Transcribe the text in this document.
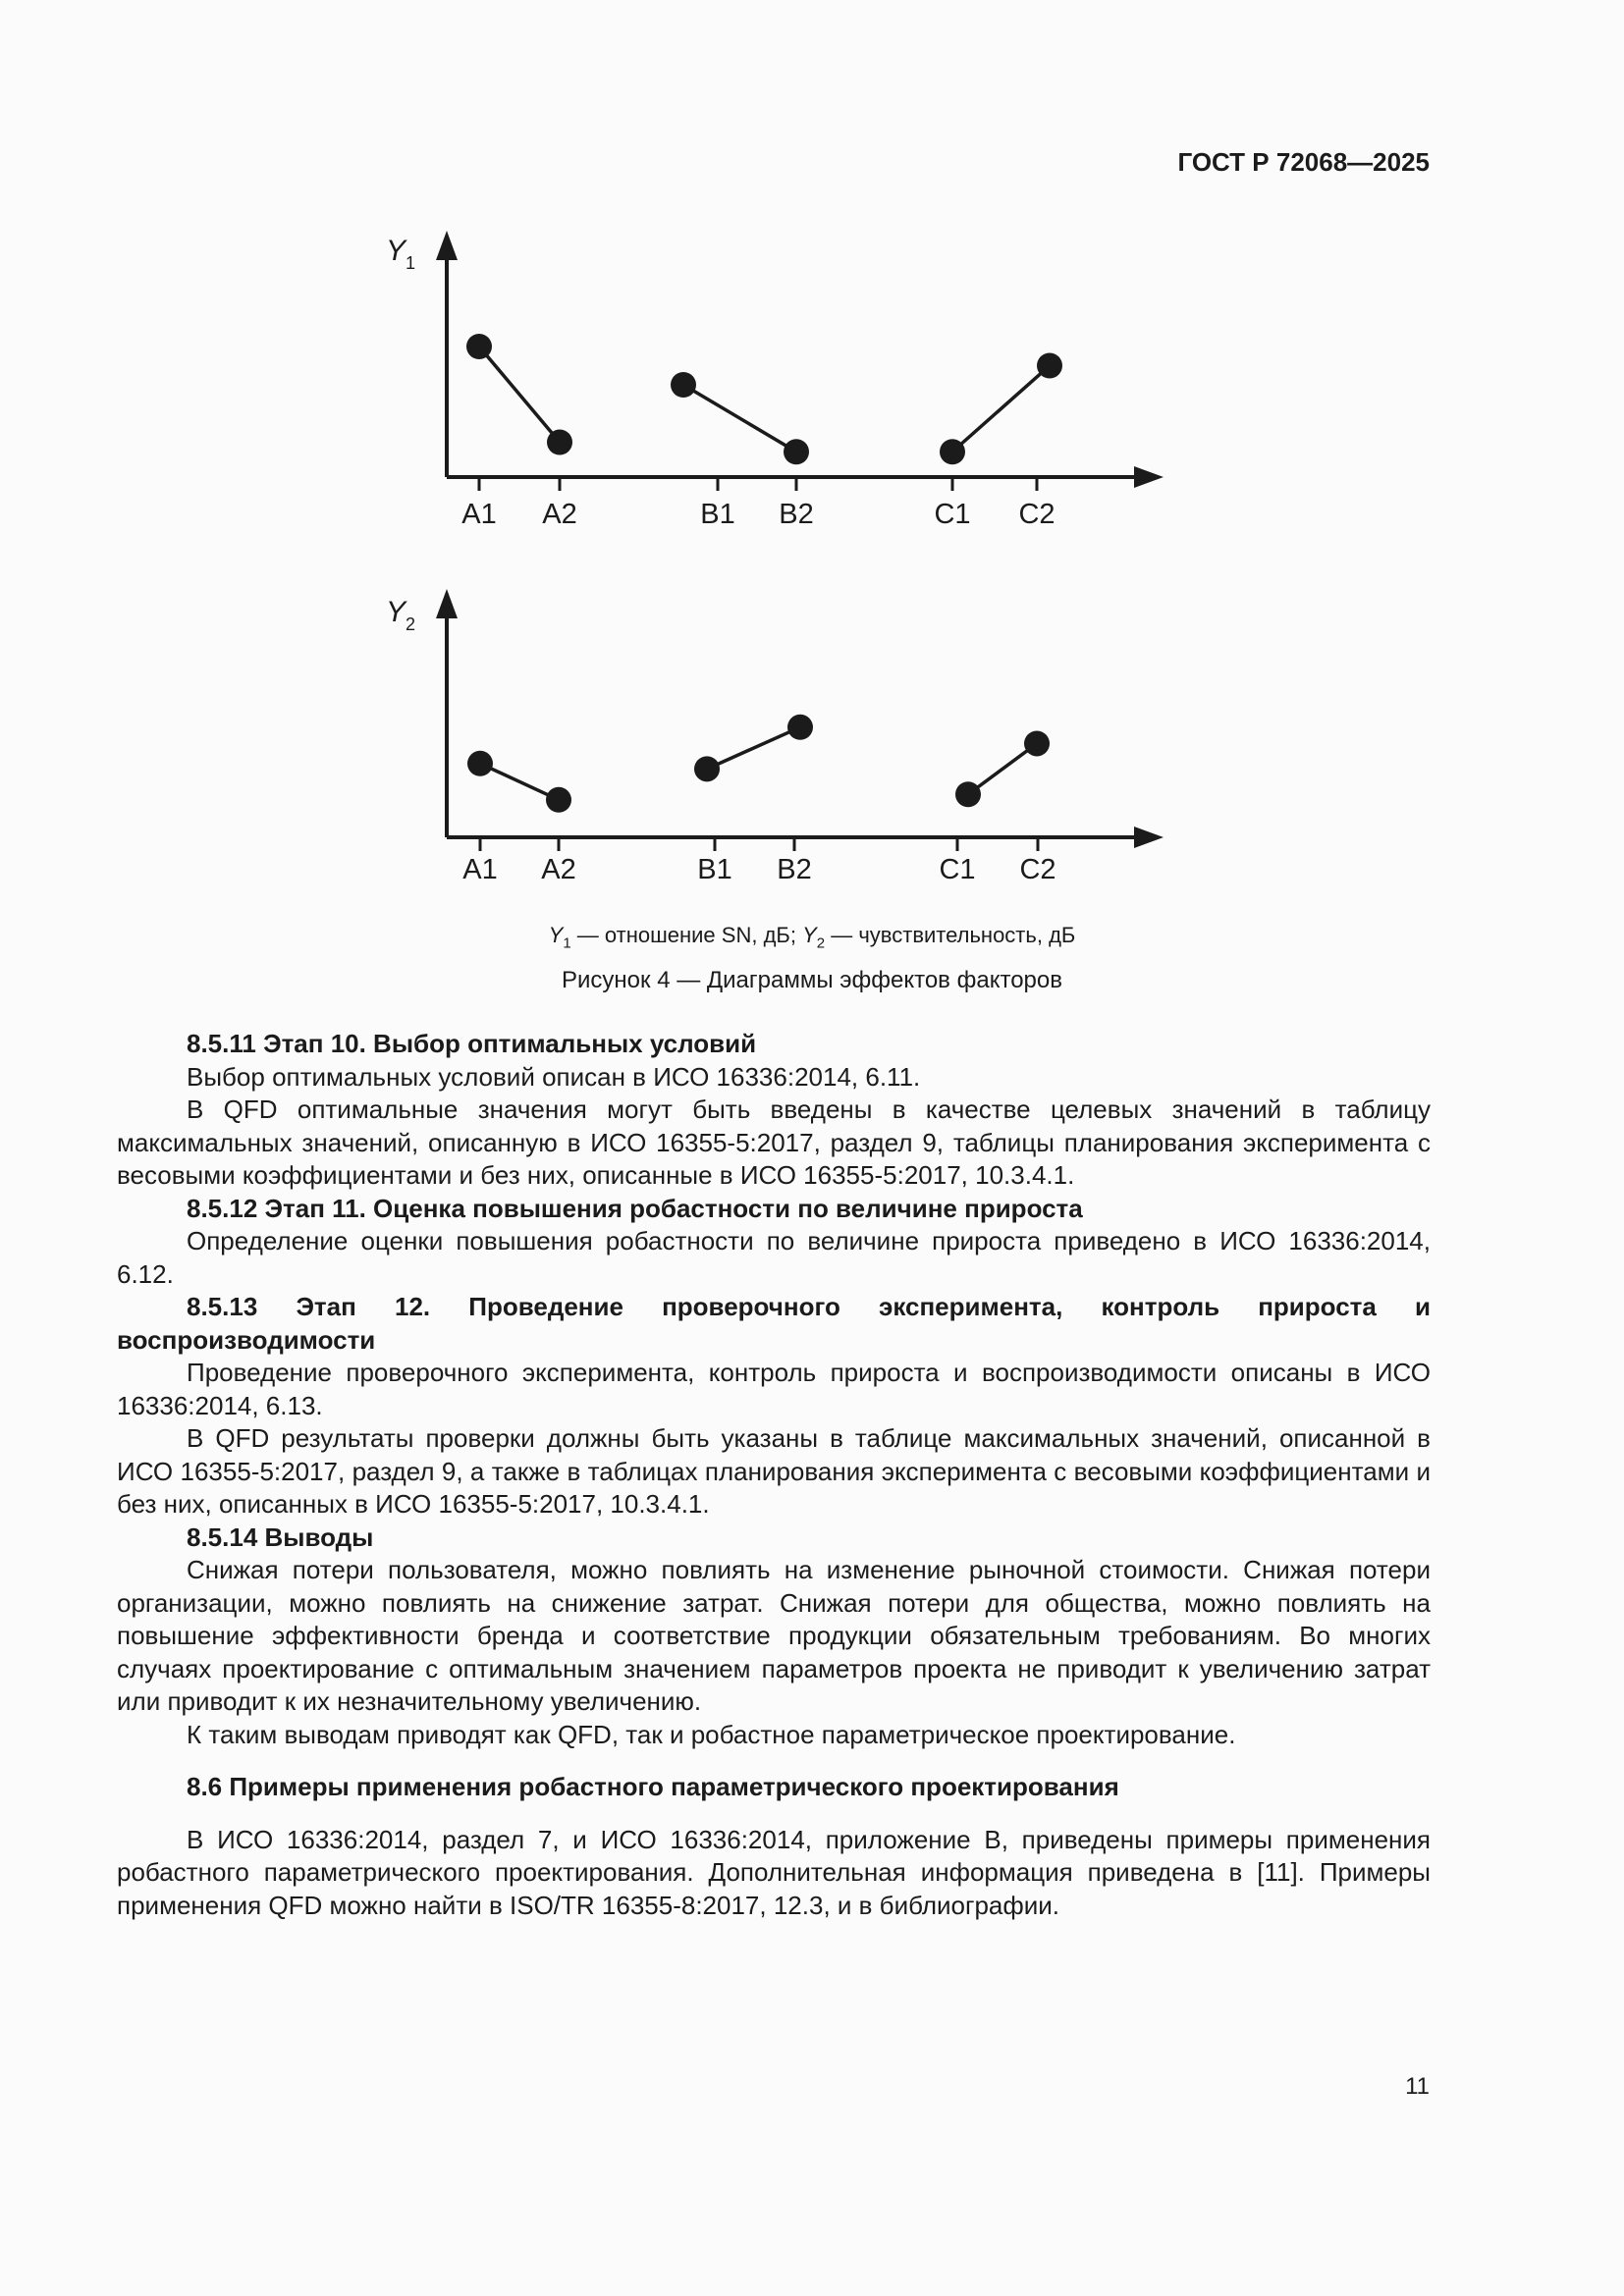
ГОСТ Р 72068—2025
$Y_1$
A1 A2	B1 B2	C1 C2
$Y_2$
A1 A2	B1 B2	C1 C2
$Y_1$ — отношение SN, дБ; $Y_2$ — чувствительность, дБ
Рисунок 4 — Диаграммы эффектов факторов

8.5.11 Этап 10. Выбор оптимальных условий

Выбор оптимальных условий описан в ИСО 16336:2014, 6.11.

В QFD оптимальные значения могут быть введены в качестве целевых значений в таблицу максимальных значений, описанную в ИСО 16355-5:2017, раздел 9, таблицы планирования эксперимента с весовыми коэффициентами и без них, описанные в ИСО 16355-5:2017, 10.3.4.1.

8.5.12 Этап 11. Оценка повышения робастности по величине прироста

Определение оценки повышения робастности по величине прироста приведено в ИСО 16336:2014, 6.12.

8.5.13 Этап 12. Проведение проверочного эксперимента, контроль прироста и воспроизводимости

Проведение проверочного эксперимента, контроль прироста и воспроизводимости описаны в ИСО 16336:2014, 6.13.

В QFD результаты проверки должны быть указаны в таблице максимальных значений, описанной в ИСО 16355-5:2017, раздел 9, а также в таблицах планирования эксперимента с весовыми коэффициентами и без них, описанных в ИСО 16355-5:2017, 10.3.4.1.

8.5.14 Выводы

Снижая потери пользователя, можно повлиять на изменение рыночной стоимости. Снижая потери организации, можно повлиять на снижение затрат. Снижая потери для общества, можно повлиять на повышение эффективности бренда и соответствие продукции обязательным требованиям. Во многих случаях проектирование с оптимальным значением параметров проекта не приводит к увеличению затрат или приводит к их незначительному увеличению.

К таким выводам приводят как QFD, так и робастное параметрическое проектирование.

8.6 Примеры применения робастного параметрического проектирования

В ИСО 16336:2014, раздел 7, и ИСО 16336:2014, приложение В, приведены примеры применения робастного параметрического проектирования. Дополнительная информация приведена в [11]. Примеры применения QFD можно найти в ISO/TR 16355-8:2017, 12.3, и в библиографии.

11
